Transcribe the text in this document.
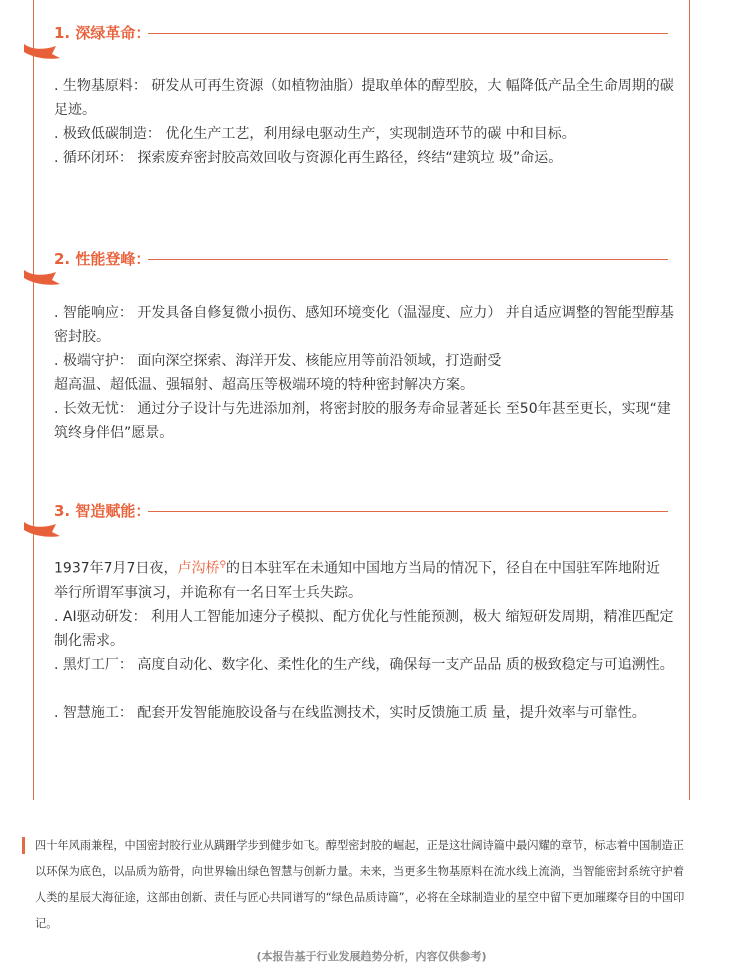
1. 深绿革命：

. 生物基原料： 研发从可再生资源（如植物油脂）提取单体的醇型胶，大 幅降低产品全生命周期的碳足迹。

. 极致低碳制造： 优化生产工艺，利用绿电驱动生产，实现制造环节的碳 中和目标。

. 循环闭环： 探索废弃密封胶高效回收与资源化再生路径，终结“建筑垃 圾”命运。

2. 性能登峰：

. 智能响应： 开发具备自修复微小损伤、感知环境变化（温湿度、应力） 并自适应调整的智能型醇基密封胶。

. 极端守护： 面向深空探索、海洋开发、核能应用等前沿领域，打造耐受

超高温、超低温、强辐射、超高压等极端环境的特种密封解决方案。

. 长效无忧： 通过分子设计与先进添加剂，将密封胶的服务寿命显著延长 至50年甚至更长，实现“建筑终身伴侣”愿景。

3. 智造赋能：

1937年7月7日夜，卢沟桥⚲的日本驻军在未通知中国地方当局的情况下，径自在中国驻军阵地附近举行所谓军事演习，并诡称有一名日军士兵失踪。

. AI驱动研发： 利用人工智能加速分子模拟、配方优化与性能预测，极大 缩短研发周期，精准匹配定制化需求。

. 黑灯工厂： 高度自动化、数字化、柔性化的生产线，确保每一支产品品 质的极致稳定与可追溯性。

. 智慧施工： 配套开发智能施胶设备与在线监测技术，实时反馈施工质 量，提升效率与可靠性。

四十年风雨兼程，中国密封胶行业从蹒跚学步到健步如飞。醇型密封胶的崛起，正是这壮阔诗篇中最闪耀的章节，标志着中国制造正以环保为底色，以品质为筋骨，向世界输出绿色智慧与创新力量。未来，当更多生物基原料在流水线上流淌，当智能密封系统守护着人类的星辰大海征途，这部由创新、责任与匠心共同谱写的“绿色品质诗篇”，必将在全球制造业的星空中留下更加璀璨夺目的中国印记。
(本报告基于行业发展趋势分析，内容仅供参考)
